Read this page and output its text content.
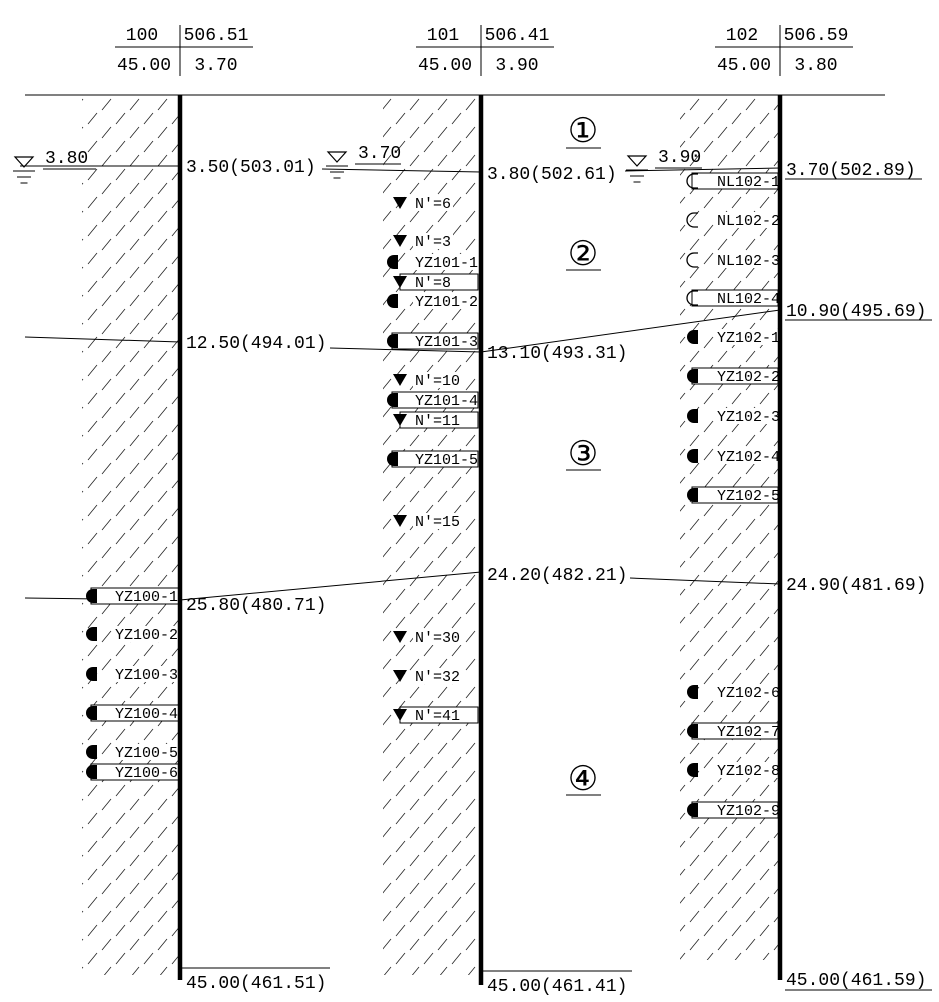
100 506.51
45.00 3.70
3.80
YZ100-1
YZ100-2
YZ100-3
YZ100-4
YZ100-5
YZ100-6
3.50(503.01)
12.50(494.01)
25.80(480.71)
45.00(461.51)
101 506.41
45.00 3.90
3.70
N'=6
N'=3
YZ101-1
N'=8
YZ101-2
YZ101-3
N'=10
YZ101-4
N'=11
YZ101-5
N'=15
N'=30
N'=32
N'=41
3.80(502.61)
13.10(493.31)
24.20(482.21)
45.00(461.41)
102 506.59
45.00 3.80
3.90
NL102-1
NL102-2
NL102-3
NL102-4
YZ102-1
YZ102-2
YZ102-3
YZ102-4
YZ102-5
YZ102-6
YZ102-7
YZ102-8
YZ102-9
3.70(502.89)
10.90(495.69)
24.90(481.69)
45.00(461.59)
①
②
③
④
